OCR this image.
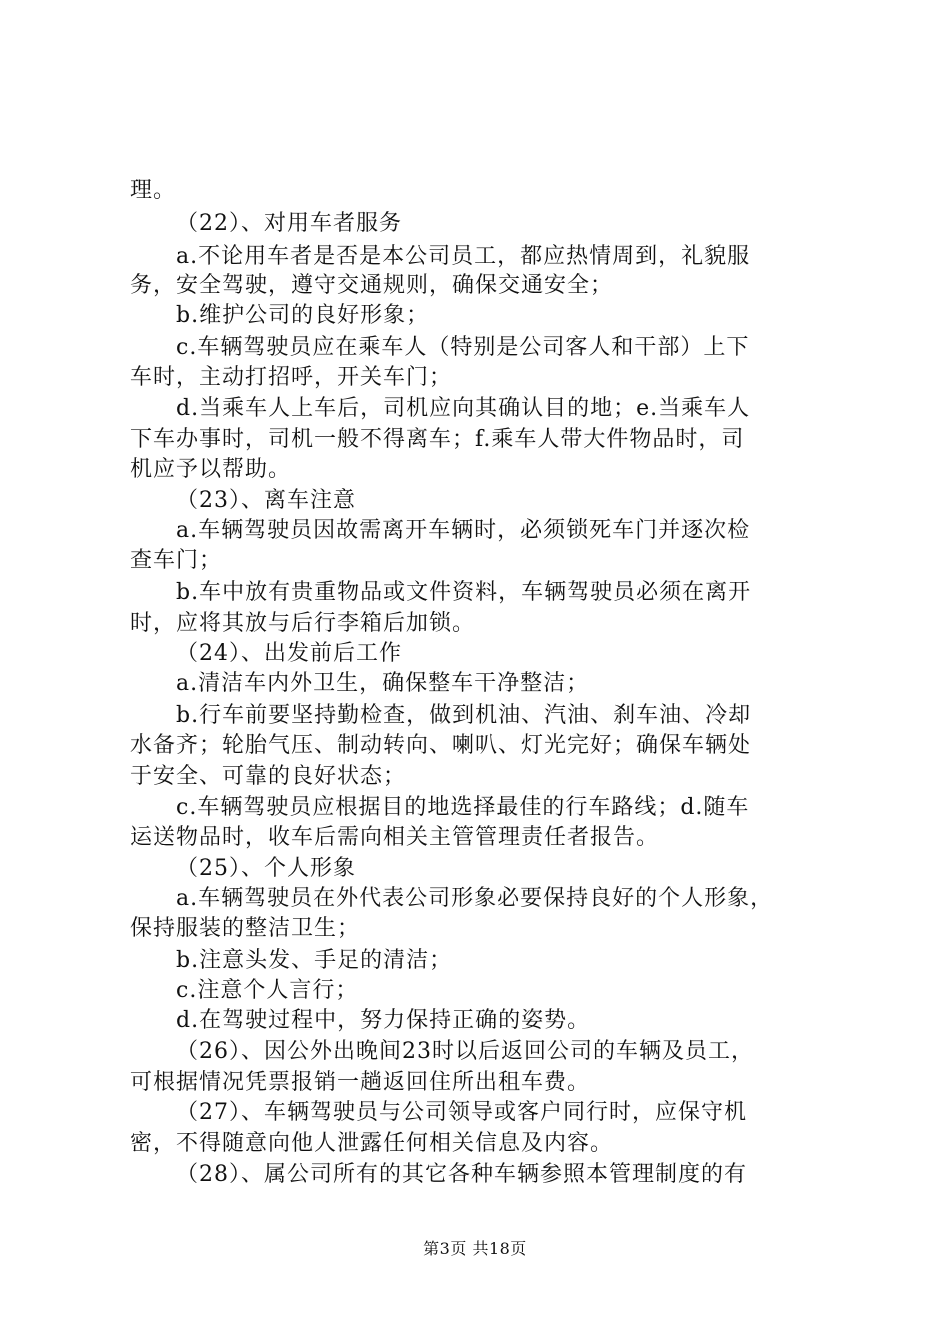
理。
（22）、对用车者服务
a.不论用车者是否是本公司员工，都应热情周到，礼貌服
务，安全驾驶，遵守交通规则，确保交通安全；
b.维护公司的良好形象；
c.车辆驾驶员应在乘车人（特别是公司客人和干部）上下
车时，主动打招呼，开关车门；
d.当乘车人上车后，司机应向其确认目的地；e.当乘车人
下车办事时，司机一般不得离车；f.乘车人带大件物品时，司
机应予以帮助。
（23）、离车注意
a.车辆驾驶员因故需离开车辆时，必须锁死车门并逐次检
查车门；
b.车中放有贵重物品或文件资料，车辆驾驶员必须在离开
时，应将其放与后行李箱后加锁。
（24）、出发前后工作
a.清洁车内外卫生，确保整车干净整洁；
b.行车前要坚持勤检查，做到机油、汽油、刹车油、冷却
水备齐；轮胎气压、制动转向、喇叭、灯光完好；确保车辆处
于安全、可靠的良好状态；
c.车辆驾驶员应根据目的地选择最佳的行车路线；d.随车
运送物品时，收车后需向相关主管管理责任者报告。
（25）、个人形象
a.车辆驾驶员在外代表公司形象必要保持良好的个人形象，
保持服装的整洁卫生；
b.注意头发、手足的清洁；
c.注意个人言行；
d.在驾驶过程中，努力保持正确的姿势。
（26）、因公外出晚间23时以后返回公司的车辆及员工，
可根据情况凭票报销一趟返回住所出租车费。
（27）、车辆驾驶员与公司领导或客户同行时，应保守机
密，不得随意向他人泄露任何相关信息及内容。
（28）、属公司所有的其它各种车辆参照本管理制度的有
第3页 共18页
